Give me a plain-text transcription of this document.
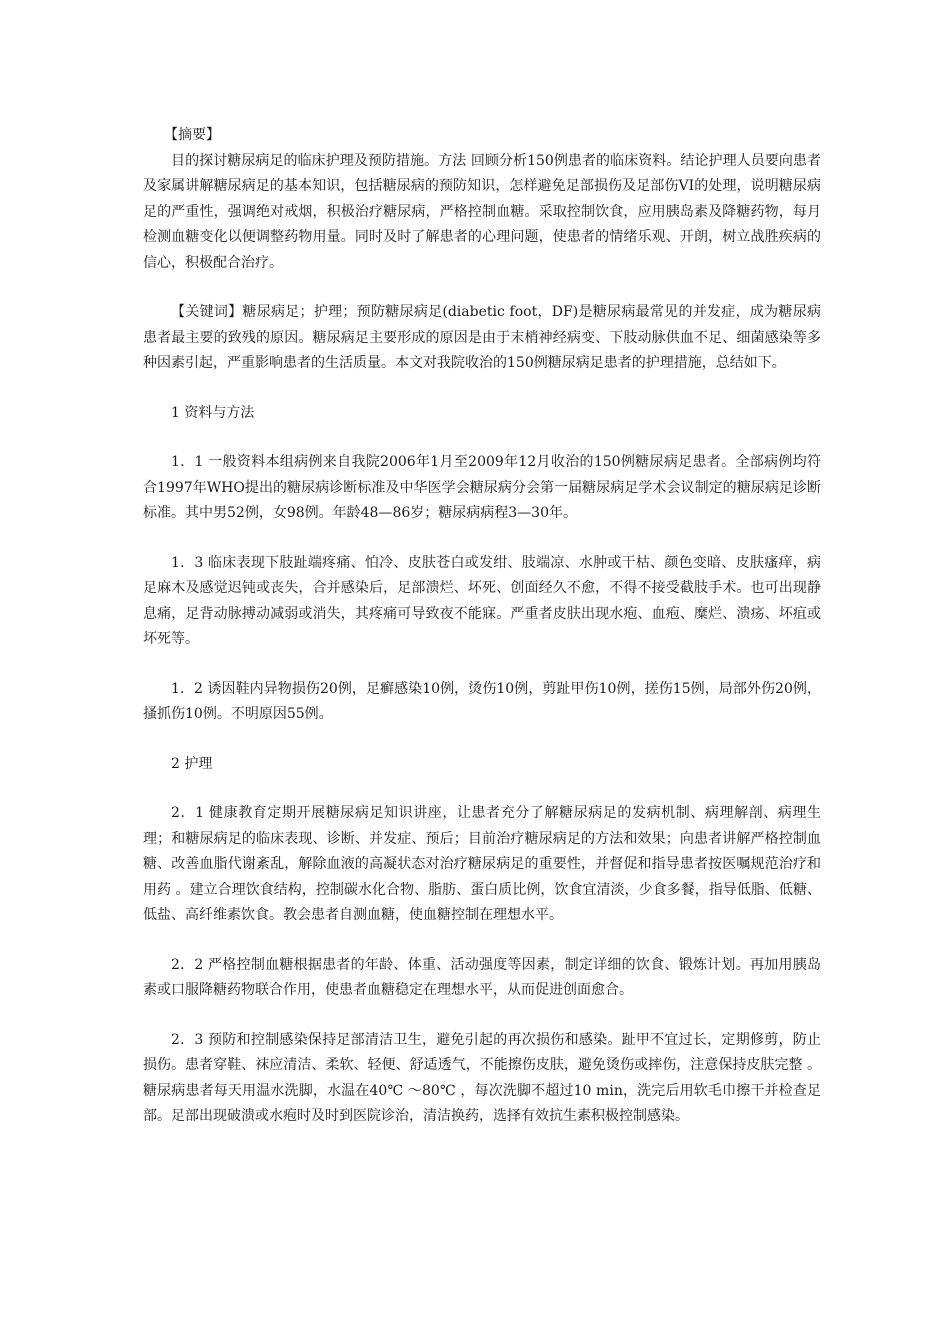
【摘要】

目的探讨糖尿病足的临床护理及预防措施。方法 回顾分析150例患者的临床资料。结论护理人员要向患者及家属讲解糖尿病足的基本知识，包括糖尿病的预防知识，怎样避免足部损伤及足部伤VI的处理，说明糖尿病足的严重性，强调绝对戒烟，积极治疗糖尿病，严格控制血糖。采取控制饮食，应用胰岛素及降糖药物，每月检测血糖变化以便调整药物用量。同时及时了解患者的心理问题，使患者的情绪乐观、开朗，树立战胜疾病的信心，积极配合治疗。

【关键词】糖尿病足；护理；预防糖尿病足(diabetic foot，DF)是糖尿病最常见的并发症，成为糖尿病患者最主要的致残的原因。糖尿病足主要形成的原因是由于末梢神经病变、下肢动脉供血不足、细菌感染等多种因素引起，严重影响患者的生活质量。本文对我院收治的150例糖尿病足患者的护理措施，总结如下。

1 资料与方法

1．1 一般资料本组病例来自我院2006年1月至2009年12月收治的150例糖尿病足患者。全部病例均符合1997年WHO提出的糖尿病诊断标准及中华医学会糖尿病分会第一届糖尿病足学术会议制定的糖尿病足诊断标准。其中男52例，女98例。年龄48—86岁；糖尿病病程3—30年。

1．3 临床表现下肢趾端疼痛、怕冷、皮肤苍白或发绀、肢端凉、水肿或干枯、颜色变暗、皮肤瘙痒，病足麻木及感觉迟钝或丧失，合并感染后，足部溃烂、坏死、创面经久不愈，不得不接受截肢手术。也可出现静息痛，足背动脉搏动减弱或消失，其疼痛可导致夜不能寐。严重者皮肤出现水疱、血疱、糜烂、溃疡、坏疽或坏死等。

1．2 诱因鞋内异物损伤20例，足癣感染10例，烫伤10例，剪趾甲伤10例，搓伤15例，局部外伤20例，搔抓伤10例。不明原因55例。

2 护理

2．1 健康教育定期开展糖尿病足知识讲座，让患者充分了解糖尿病足的发病机制、病理解剖、病理生理；和糖尿病足的临床表现、诊断、并发症、预后；目前治疗糖尿病足的方法和效果；向患者讲解严格控制血糖、改善血脂代谢紊乱，解除血液的高凝状态对治疗糖尿病足的重要性，并督促和指导患者按医嘱规范治疗和用药 。建立合理饮食结构，控制碳水化合物、脂肪、蛋白质比例，饮食宜清淡，少食多餐，指导低脂、低糖、低盐、高纤维素饮食。教会患者自测血糖，使血糖控制在理想水平。

2．2 严格控制血糖根据患者的年龄、体重、活动强度等因素，制定详细的饮食、锻炼计划。再加用胰岛素或口服降糖药物联合作用，使患者血糖稳定在理想水平，从而促进创面愈合。

2．3 预防和控制感染保持足部清洁卫生，避免引起的再次损伤和感染。趾甲不宜过长，定期修剪，防止损伤。患者穿鞋、袜应清洁、柔软、轻便、舒适透气，不能擦伤皮肤，避免烫伤或摔伤，注意保持皮肤完整 。糖尿病患者每天用温水洗脚，水温在40℃ ～80℃ ，每次洗脚不超过10 min，洗完后用软毛巾擦干并检查足部。足部出现破溃或水疱时及时到医院诊治，清洁换药，选择有效抗生素积极控制感染。
